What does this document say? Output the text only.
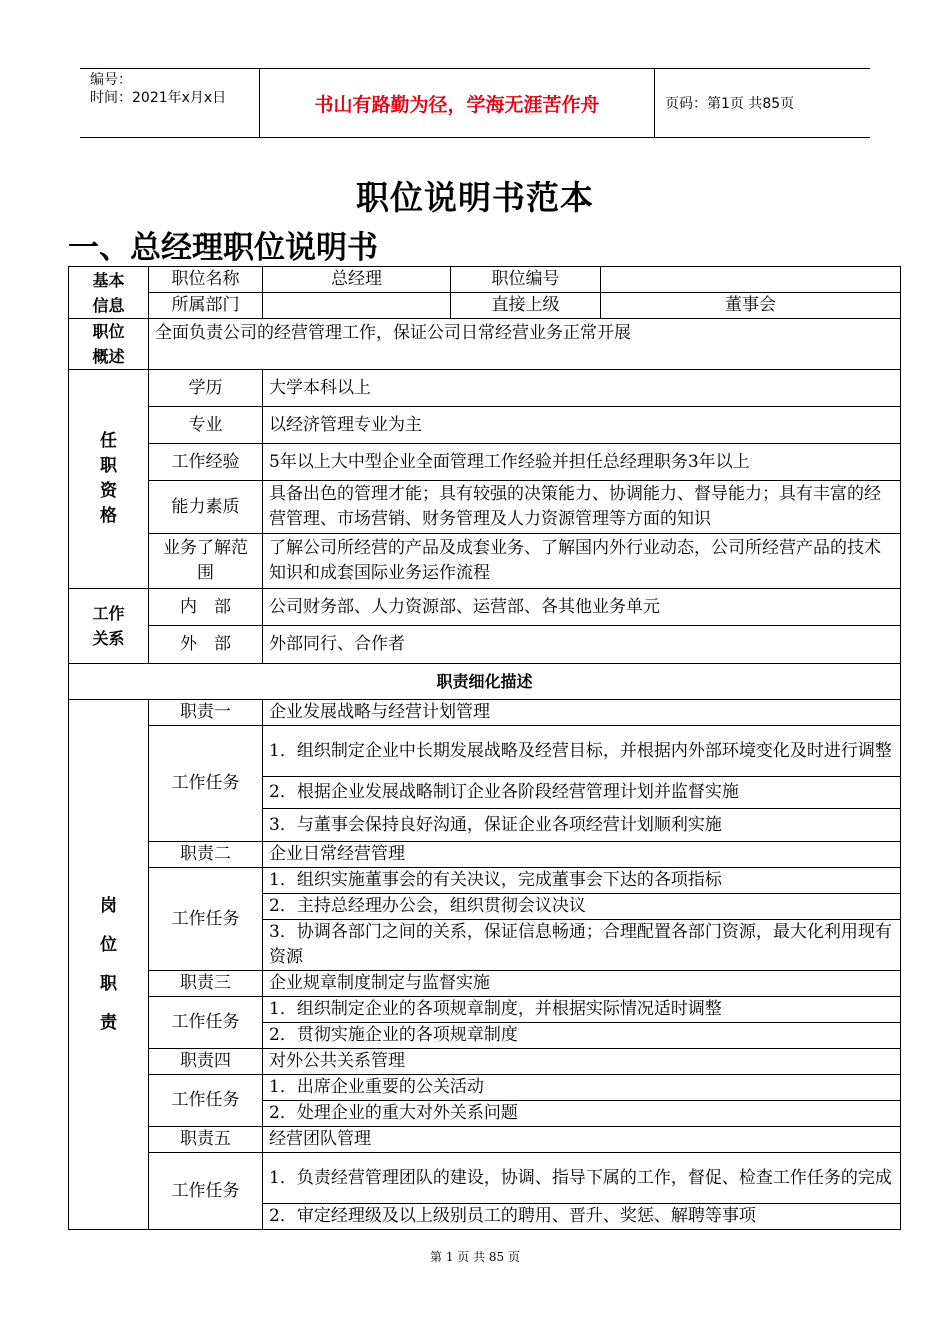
编号：
时间：2021年x月x日	书山有路勤为径，学海无涯苦作舟	页码：第1页 共85页
职位说明书范本
一、总经理职位说明书
基本
信息	职位名称	总经理	职位编号	
	所属部门		直接上级	董事会

职位
概述	全面负责公司的经营管理工作，保证公司日常经营业务正常开展			

任
职
资
格	学历	大学本科以上		
	专业	以经济管理专业为主		
	工作经验	5年以上大中型企业全面管理工作经验并担任总经理职务3年以上		
	能力素质	具备出色的管理才能；具有较强的决策能力、协调能力、督导能力；具有丰富的经营管理、市场营销、财务管理及人力资源管理等方面的知识		
	业务了解范围	了解公司所经营的产品及成套业务、了解国内外行业动态，公司所经营产品的技术知识和成套国际业务运作流程		

工作
关系	内　部	公司财务部、人力资源部、运营部、各其他业务单元		
	外　部	外部同行、合作者		
职责细化描述				

岗
位
职
责	职责一	企业发展战略与经营计划管理		
	工作任务	1．组织制定企业中长期发展战略及经营目标，并根据内外部环境变化及时进行调整		
		2．根据企业发展战略制订企业各阶段经营管理计划并监督实施		
		3．与董事会保持良好沟通，保证企业各项经营计划顺利实施		
	职责二	企业日常经营管理		
	工作任务	1．组织实施董事会的有关决议，完成董事会下达的各项指标		
		2．主持总经理办公会，组织贯彻会议决议		
		3．协调各部门之间的关系，保证信息畅通；合理配置各部门资源，最大化利用现有资源		
	职责三	企业规章制度制定与监督实施		
	工作任务	1．组织制定企业的各项规章制度，并根据实际情况适时调整		
		2．贯彻实施企业的各项规章制度		
	职责四	对外公共关系管理		
	工作任务	1．出席企业重要的公关活动		
		2．处理企业的重大对外关系问题		
	职责五	经营团队管理		
	工作任务	1．负责经营管理团队的建设，协调、指导下属的工作，督促、检查工作任务的完成		
		2．审定经理级及以上级别员工的聘用、晋升、奖惩、解聘等事项		
第 1 页 共 85 页
